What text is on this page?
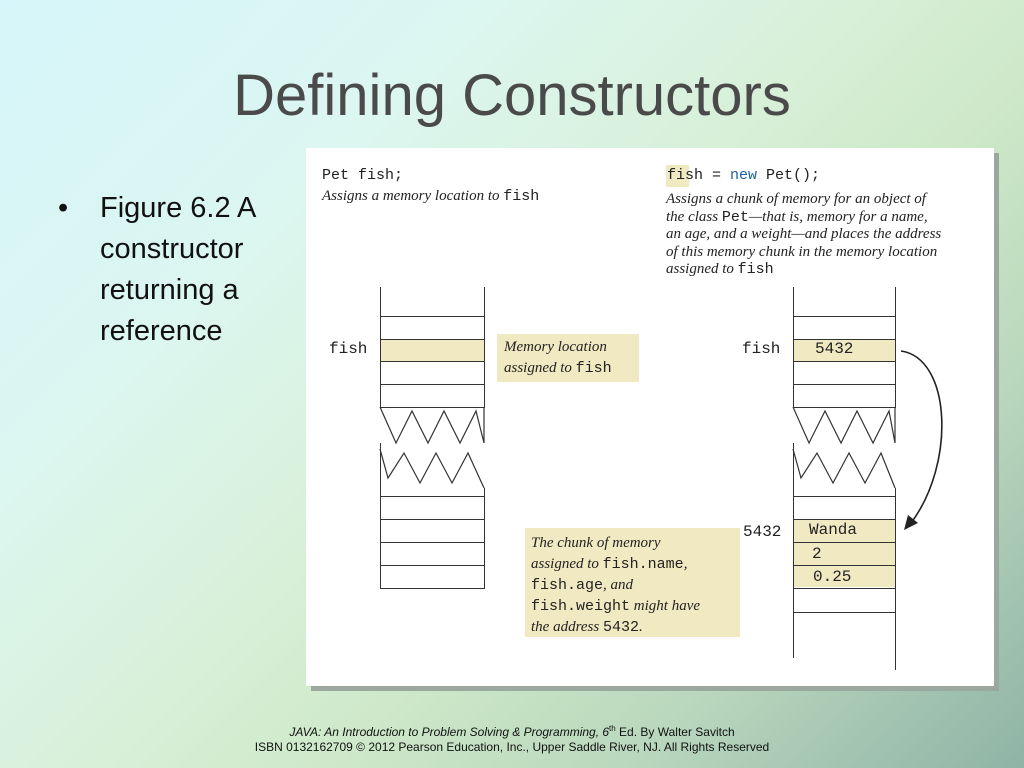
Defining Constructors
• Figure 6.2 A constructor returning a reference
Pet fish;
Assigns a memory location to fish
fish = new Pet();
Assigns a chunk of memory for an object of
the class Pet—that is, memory for a name,
an age, and a weight—and places the address
of this memory chunk in the memory location
assigned to fish
fish	Memory location
assigned to fish
fish 5432
5432 Wanda
2
0.25
The chunk of memory
assigned to fish.name,
fish.age, and
fish.weight might have
the address 5432.
JAVA: An Introduction to Problem Solving & Programming, 6th Ed. By Walter Savitch
ISBN 0132162709 © 2012 Pearson Education, Inc., Upper Saddle River, NJ. All Rights Reserved
